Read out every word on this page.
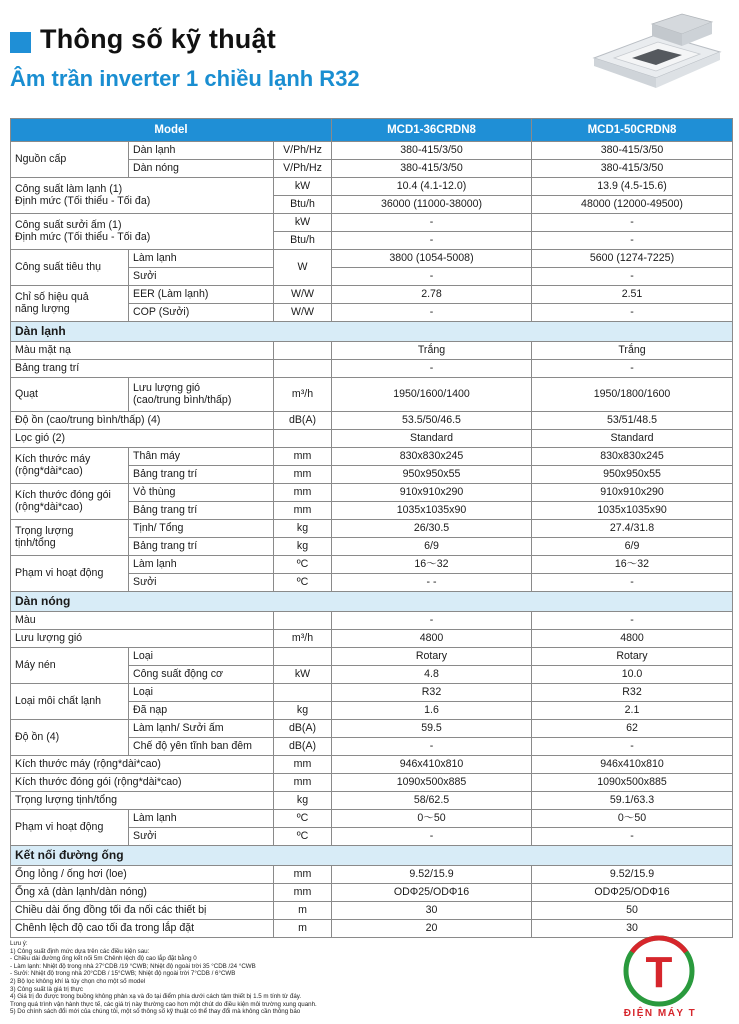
Thông số kỹ thuật
Âm trần inverter 1 chiều lạnh R32
Model			MCD1-36CRDN8	MCD1-50CRDN8
Nguồn cấp	Dàn lạnh	V/Ph/Hz	380-415/3/50	380-415/3/50
	Dàn nóng	V/Ph/Hz	380-415/3/50	380-415/3/50

Công suất làm lạnh (1)
Định mức (Tối thiểu - Tối đa)		kW	10.4 (4.1-12.0)	13.9 (4.5-15.6)
		Btu/h	36000 (11000-38000)	48000 (12000-49500)

Công suất sưởi ấm (1)
Định mức (Tối thiểu - Tối đa)		kW	-	-
		Btu/h	-	-
Công suất tiêu thụ	Làm lạnh	W	3800 (1054-5008)	5600 (1274-7225)
	Sưởi		-	-

Chỉ số hiệu quả
năng lượng	EER (Làm lạnh)	W/W	2.78	2.51
	COP (Sưởi)	W/W	-	-
Dàn lạnh				
Màu mặt nạ			Trắng	Trắng
Bảng trang trí			-	-
Quạt	Lưu lượng gió
(cao/trung bình/thấp)	m³/h	1950/1600/1400	1950/1800/1600
Độ ồn (cao/trung bình/thấp) (4)		dB(A)	53.5/50/46.5	53/51/48.5
Lọc gió (2)			Standard	Standard

Kích thước máy
(rộng*dài*cao)	Thân máy	mm	830x830x245	830x830x245
	Bảng trang trí	mm	950x950x55	950x950x55

Kích thước đóng gói
(rộng*dài*cao)	Vỏ thùng	mm	910x910x290	910x910x290
	Bảng trang trí	mm	1035x1035x90	1035x1035x90

Trọng lượng
tịnh/tổng	Tịnh/ Tổng	kg	26/30.5	27.4/31.8
	Bảng trang trí	kg	6/9	6/9
Phạm vi hoạt động	Làm lạnh	ºC	16～32	16～32
	Sưởi	ºC	- -	-
Dàn nóng				
Màu			-	-
Lưu lượng gió		m³/h	4800	4800
Máy nén	Loại		Rotary	Rotary
	Công suất động cơ	kW	4.8	10.0
Loại môi chất lạnh	Loại		R32	R32
	Đã nạp	kg	1.6	2.1
Độ ồn (4)	Làm lạnh/ Sưởi ấm	dB(A)	59.5	62
	Chế độ yên tĩnh ban đêm	dB(A)	-	-
Kích thước máy (rộng*dài*cao)		mm	946x410x810	946x410x810
Kích thước đóng gói (rộng*dài*cao)		mm	1090x500x885	1090x500x885
Trọng lượng tịnh/tổng		kg	58/62.5	59.1/63.3
Phạm vi hoạt động	Làm lạnh	ºC	0～50	0～50
	Sưởi	ºC	-	-
Kết nối đường ống				
Ống lỏng / ống hơi (loe)		mm	9.52/15.9	9.52/15.9
Ống xả (dàn lạnh/dàn nóng)		mm	ODΦ25/ODΦ16	ODΦ25/ODΦ16
Chiều dài ống đồng tối đa nối các thiết bị		m	30	50
Chênh lệch độ cao tối đa trong lắp đặt		m	20	30
Lưu ý:
1) Công suất định mức dựa trên các điều kiện sau:
- Chiều dài đường ống kết nối 5m Chênh lệch độ cao lắp đặt bằng 0
- Làm lạnh: Nhiệt độ trong nhà 27°CDB /19 °CWB; Nhiệt độ ngoài trời 35 °CDB /24 °CWB
- Sưởi: Nhiệt độ trong nhà 20°CDB / 15°CWB; Nhiệt độ ngoài trời 7°CDB / 6°CWB
2) Bộ lọc không khí là tùy chọn cho một số model
3) Công suất là giá trị thực
4) Giá trị đo được trong buồng không phản xạ và đo tại điểm phía dưới cách tâm thiết bị 1.5 m tính từ đáy.
Trong quá trình vận hành thực tế, các giá trị này thường cao hơn một chút do điều kiện môi trường xung quanh.
5) Do chính sách đổi mới của chúng tôi, một số thông số kỹ thuật có thể thay đổi mà không cần thông báo
T
ĐIỆN MÁY T
